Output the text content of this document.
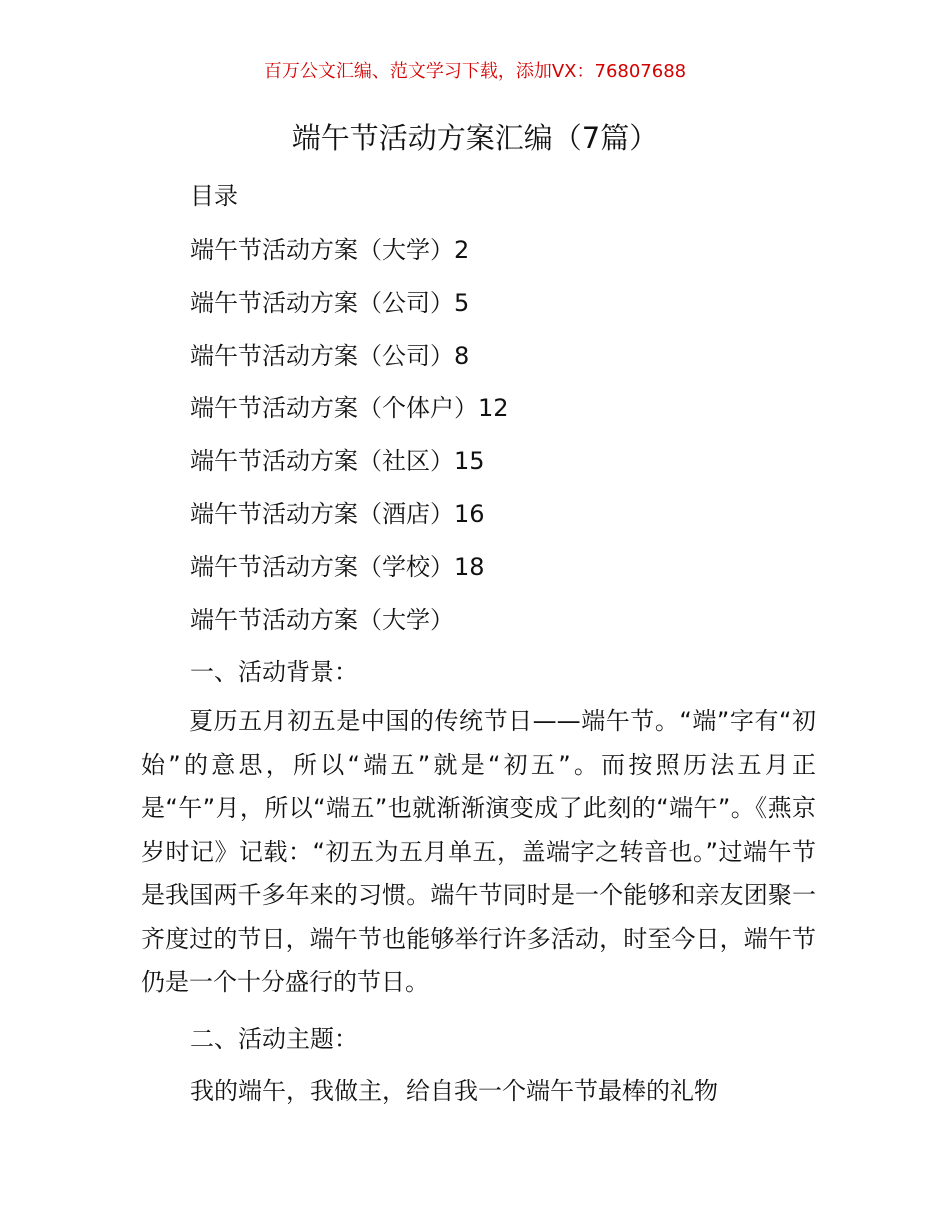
百万公文汇编、范文学习下载，添加VX：76807688
端午节活动方案汇编（7篇）
目录
端午节活动方案（大学）2
端午节活动方案（公司）5
端午节活动方案（公司）8
端午节活动方案（个体户）12
端午节活动方案（社区）15
端午节活动方案（酒店）16
端午节活动方案（学校）18
端午节活动方案（大学）
一、活动背景：

夏历五月初五是中国的传统节日——端午节。“端”字有“初始”的意思，所以“端五”就是“初五”。而按照历法五月正是“午”月，所以“端五”也就渐渐演变成了此刻的“端午”。《燕京岁时记》记载：“初五为五月单五，盖端字之转音也。”过端午节是我国两千多年来的习惯。端午节同时是一个能够和亲友团聚一齐度过的节日，端午节也能够举行许多活动，时至今日，端午节仍是一个十分盛行的节日。

二、活动主题：
我的端午，我做主，给自我一个端午节最棒的礼物
